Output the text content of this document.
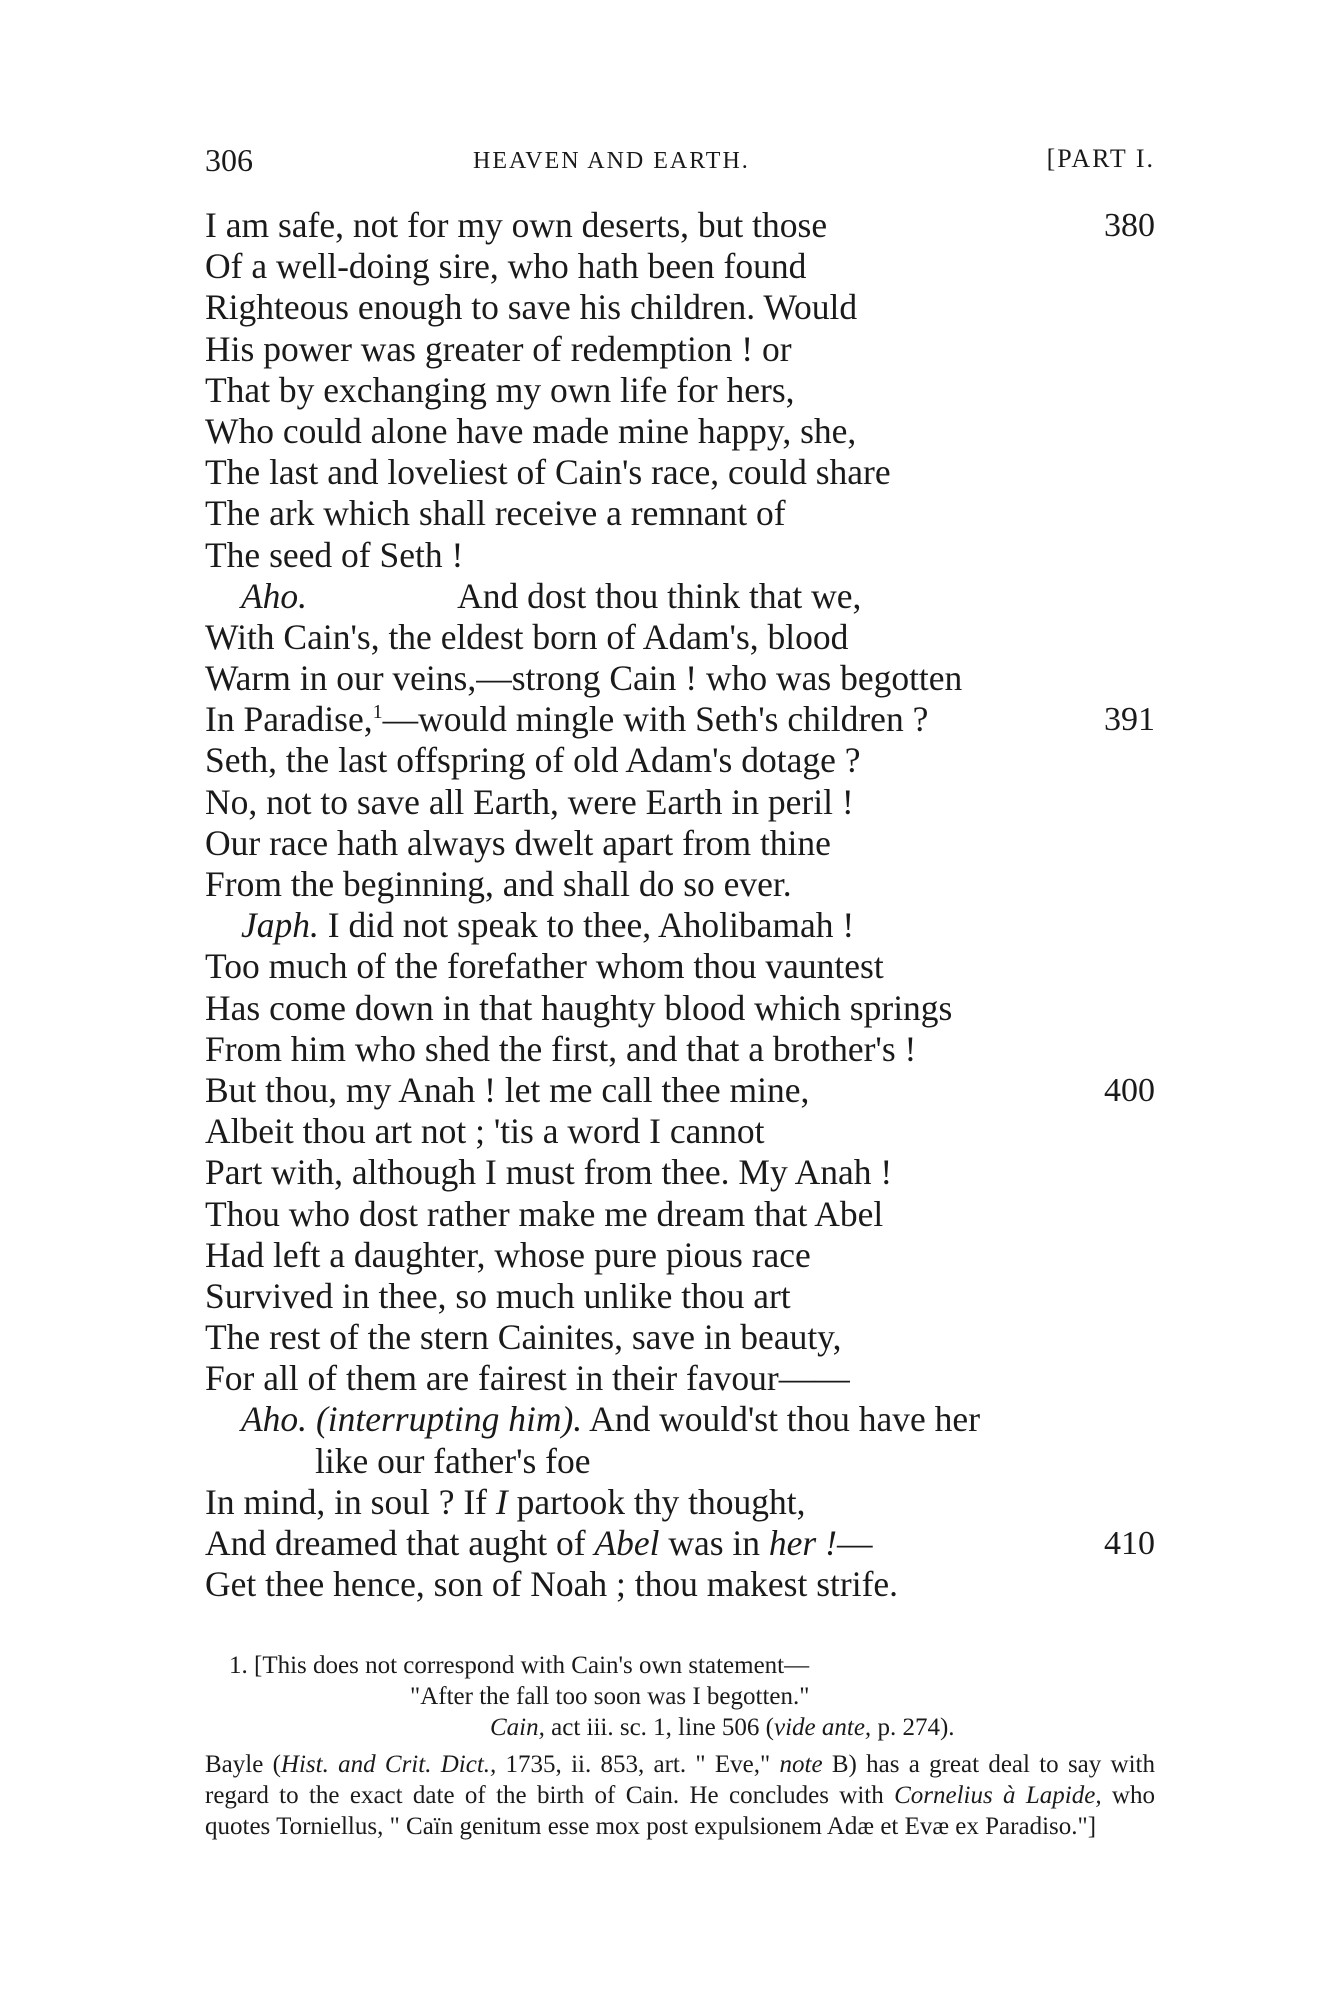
306	HEAVEN AND EARTH.	[PART I.
I am safe, not for my own deserts, but those	380
Of a well-doing sire, who hath been found
Righteous enough to save his children. Would
His power was greater of redemption ! or
That by exchanging my own life for hers,
Who could alone have made mine happy, she,
The last and loveliest of Cain's race, could share
The ark which shall receive a remnant of
The seed of Seth !
Aho.	And dost thou think that we,
With Cain's, the eldest born of Adam's, blood
Warm in our veins,—strong Cain ! who was begotten
In Paradise,$^1$—would mingle with Seth's children ?	391
Seth, the last offspring of old Adam's dotage ?
No, not to save all Earth, were Earth in peril !
Our race hath always dwelt apart from thine
From the beginning, and shall do so ever.
Japh. I did not speak to thee, Aholibamah !
Too much of the forefather whom thou vauntest
Has come down in that haughty blood which springs
From him who shed the first, and that a brother's !
But thou, my Anah ! let me call thee mine,	400
Albeit thou art not ; 'tis a word I cannot
Part with, although I must from thee. My Anah !
Thou who dost rather make me dream that Abel
Had left a daughter, whose pure pious race
Survived in thee, so much unlike thou art
The rest of the stern Cainites, save in beauty,
For all of them are fairest in their favour——
Aho. (interrupting him). And would'st thou have her
like our father's foe
In mind, in soul ? If I partook thy thought,
And dreamed that aught of Abel was in her !—	410
Get thee hence, son of Noah ; thou makest strife.
1. [This does not correspond with Cain's own statement—
"After the fall too soon was I begotten."
Cain, act iii. sc. 1, line 506 (vide ante, p. 274).
Bayle (Hist. and Crit. Dict., 1735, ii. 853, art. " Eve," note B) has a great deal to say with regard to the exact date of the birth of Cain. He concludes with Cornelius à Lapide, who quotes Torniellus, " Caïn genitum esse mox post expulsionem Adæ et Evæ ex Paradiso."]
